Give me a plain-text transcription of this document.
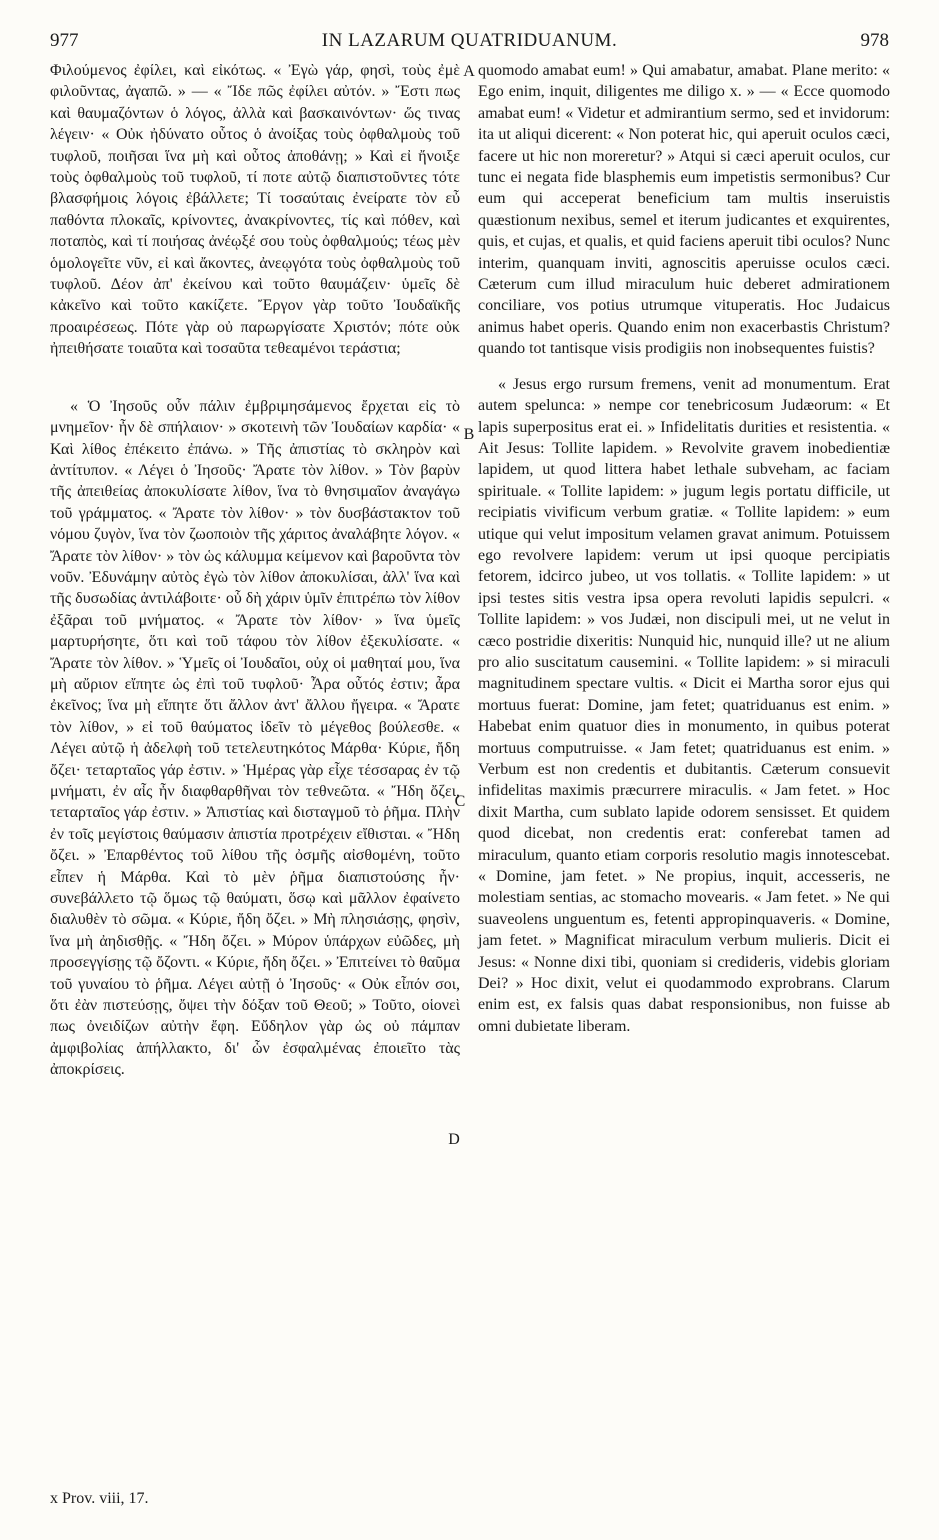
977	IN LAZARUM QUATRIDUANUM.	978

Φιλούμενος ἐφίλει, καὶ εἰκότως. « Ἐγὼ γάρ, φησὶ, τοὺς ἐμὲ φιλοῦντας, ἀγαπῶ. » — « Ἴδε πῶς ἐφίλει αὐτόν. » Ἔστι πως καὶ θαυμαζόντων ὁ λόγος, ἀλλὰ καὶ βασκαινόντων· ὥς τινας λέγειν· « Οὐκ ἠδύνατο οὗτος ὁ ἀνοίξας τοὺς ὀφθαλμοὺς τοῦ τυφλοῦ, ποιῆσαι ἵνα μὴ καὶ οὗτος ἀποθάνῃ; » Καὶ εἰ ἤνοιξε τοὺς ὀφθαλμοὺς τοῦ τυφλοῦ, τί ποτε αὐτῷ διαπιστοῦντες τότε βλασφήμοις λόγοις ἐβάλλετε; Τί τοσαύταις ἐνείρατε τὸν εὖ παθόντα πλοκαῖς, κρίνοντες, ἀνακρίνοντες, τίς καὶ πόθεν, καὶ ποταπὸς, καὶ τί ποιήσας ἀνέῳξέ σου τοὺς ὀφθαλμούς; τέως μὲν ὁμολογεῖτε νῦν, εἰ καὶ ἄκοντες, ἀνεῳγότα τοὺς ὀφθαλμοὺς τοῦ τυφλοῦ. Δέον ἀπ' ἐκείνου καὶ τοῦτο θαυμάζειν· ὑμεῖς δὲ κἀκεῖνο καὶ τοῦτο κακίζετε. Ἔργον γὰρ τοῦτο Ἰουδαϊκῆς προαιρέσεως. Πότε γὰρ οὐ παρωργίσατε Χριστόν; πότε οὐκ ἠπειθήσατε τοιαῦτα καὶ τοσαῦτα τεθεαμένοι τεράστια;

« Ὁ Ἰησοῦς οὖν πάλιν ἐμβριμησάμενος ἔρχεται εἰς τὸ μνημεῖον· ἦν δὲ σπήλαιον· » σκοτεινὴ τῶν Ἰουδαίων καρδία· « Καὶ λίθος ἐπέκειτο ἐπάνω. » Τῆς ἀπιστίας τὸ σκληρὸν καὶ ἀντίτυπον. « Λέγει ὁ Ἰησοῦς· Ἄρατε τὸν λίθον. » Τὸν βαρὺν τῆς ἀπειθείας ἀποκυλίσατε λίθον, ἵνα τὸ θνησιμαῖον ἀναγάγω τοῦ γράμματος. « Ἄρατε τὸν λίθον· » τὸν δυσβάστακτον τοῦ νόμου ζυγὸν, ἵνα τὸν ζωοποιὸν τῆς χάριτος ἀναλάβητε λόγον. « Ἄρατε τὸν λίθον· » τὸν ὡς κάλυμμα κείμενον καὶ βαροῦντα τὸν νοῦν. Ἐδυνάμην αὐτὸς ἐγὼ τὸν λίθον ἀποκυλίσαι, ἀλλ' ἵνα καὶ τῆς δυσωδίας ἀντιλάβοιτε· οὗ δὴ χάριν ὑμῖν ἐπιτρέπω τὸν λίθον ἐξᾶραι τοῦ μνήματος. « Ἄρατε τὸν λίθον· » ἵνα ὑμεῖς μαρτυρήσητε, ὅτι καὶ τοῦ τάφου τὸν λίθον ἐξεκυλίσατε. « Ἄρατε τὸν λίθον. » Ὑμεῖς οἱ Ἰουδαῖοι, οὐχ οἱ μαθηταί μου, ἵνα μὴ αὔριον εἴπητε ὡς ἐπὶ τοῦ τυφλοῦ· Ἆρα οὗτός ἐστιν; ἆρα ἐκεῖνος; ἵνα μὴ εἴπητε ὅτι ἄλλον ἀντ' ἄλλου ἤγειρα. « Ἄρατε τὸν λίθον, » εἰ τοῦ θαύματος ἰδεῖν τὸ μέγεθος βούλεσθε. « Λέγει αὐτῷ ἡ ἀδελφὴ τοῦ τετελευτηκότος Μάρθα· Κύριε, ἤδη ὄζει· τεταρταῖος γάρ ἐστιν. » Ἡμέρας γὰρ εἶχε τέσσαρας ἐν τῷ μνήματι, ἐν αἷς ἦν διαφθαρθῆναι τὸν τεθνεῶτα. « Ἤδη ὄζει, τεταρταῖος γάρ ἐστιν. » Ἀπιστίας καὶ δισταγμοῦ τὸ ῥῆμα. Πλὴν ἐν τοῖς μεγίστοις θαύμασιν ἀπιστία προτρέχειν εἴθισται. « Ἤδη ὄζει. » Ἐπαρθέντος τοῦ λίθου τῆς ὀσμῆς αἰσθομένη, τοῦτο εἶπεν ἡ Μάρθα. Καὶ τὸ μὲν ῥῆμα διαπιστούσης ἦν· συνεβάλλετο τῷ ὅμως τῷ θαύματι, ὅσῳ καὶ μᾶλλον ἐφαίνετο διαλυθὲν τὸ σῶμα. « Κύριε, ἤδη ὄζει. » Μὴ πλησιάσῃς, φησὶν, ἵνα μὴ ἀηδισθῇς. « Ἤδη ὄζει. » Μύρον ὑπάρχων εὐῶδες, μὴ προσεγγίσῃς τῷ ὄζοντι. « Κύριε, ἤδη ὄζει. » Ἐπιτείνει τὸ θαῦμα τοῦ γυναίου τὸ ῥῆμα. Λέγει αὐτῇ ὁ Ἰησοῦς· « Οὐκ εἶπόν σοι, ὅτι ἐὰν πιστεύσῃς, ὄψει τὴν δόξαν τοῦ Θεοῦ; » Τοῦτο, οἱονεὶ πως ὀνειδίζων αὐτὴν ἔφη. Εὔδηλον γὰρ ὡς οὐ πάμπαν ἀμφιβολίας ἀπήλλακτο, δι' ὧν ἐσφαλμένας ἐποιεῖτο τὰς ἀποκρίσεις.

quomodo amabat eum! » Qui amabatur, amabat. Plane merito: « Ego enim, inquit, diligentes me diligo x. » — « Ecce quomodo amabat eum! « Videtur et admirantium sermo, sed et invidorum: ita ut aliqui dicerent: « Non poterat hic, qui aperuit oculos cæci, facere ut hic non moreretur? » Atqui si cæci aperuit oculos, cur tunc ei negata fide blasphemis eum impetistis sermonibus? Cur eum qui acceperat beneficium tam multis inseruistis quæstionum nexibus, semel et iterum judicantes et exquirentes, quis, et cujas, et qualis, et quid faciens aperuit tibi oculos? Nunc interim, quanquam inviti, agnoscitis aperuisse oculos cæci. Cæterum cum illud miraculum huic deberet admirationem conciliare, vos potius utrumque vituperatis. Hoc Judaicus animus habet operis. Quando enim non exacerbastis Christum? quando tot tantisque visis prodigiis non inobsequentes fuistis?

« Jesus ergo rursum fremens, venit ad monumentum. Erat autem spelunca: » nempe cor tenebricosum Judæorum: « Et lapis superpositus erat ei. » Infidelitatis duritiеs et resistentia. « Ait Jesus: Tollite lapidem. » Revolvite gravem inobedientiæ lapidem, ut quod littera habet lethale subveham, ac faciam spirituale. « Tollite lapidem: » jugum legis portatu difficile, ut recipiatis vivificum verbum gratiæ. « Tollite lapidem: » eum utique qui velut impositum velamen gravat animum. Potuissem ego revolvere lapidem: verum ut ipsi quoque percipiatis fetorem, idcirco jubeo, ut vos tollatis. « Tollite lapidem: » ut ipsi testes sitis vestra ipsa opera revoluti lapidis sepulcri. « Tollite lapidem: » vos Judæi, non discipuli mei, ut ne velut in cæco postridie dixeritis: Nunquid hic, nunquid ille? ut ne alium pro alio suscitatum causemini. « Tollite lapidem: » si miraculi magnitudinem spectare vultis. « Dicit ei Martha soror ejus qui mortuus fuerat: Domine, jam fetet; quatriduanus est enim. » Habebat enim quatuor dies in monumento, in quibus poterat mortuus computruisse. « Jam fetet; quatriduanus est enim. » Verbum est non credentis et dubitantis. Cæterum consuevit infidelitas maximis præcurrere miraculis. « Jam fetet. » Hoc dixit Martha, cum sublato lapide odorem sensisset. Et quidem quod dicebat, non credentis erat: conferebat tamen ad miraculum, quanto etiam corporis resolutio magis innotescebat. « Domine, jam fetet. » Ne propius, inquit, accesseris, ne molestiam sentias, ac stomacho movearis. « Jam fetet. » Ne qui suaveolens unguentum es, fetenti appropinquaveris. « Domine, jam fetet. » Magnificat miraculum verbum mulieris. Dicit ei Jesus: « Nonne dixi tibi, quoniam si credideris, videbis gloriam Dei? » Hoc dixit, velut ei quodammodo exprobrans. Clarum enim est, ex falsis quas dabat responsionibus, non fuisse ab omni dubietate liberam.

A
B
C
D
x Prov. viii, 17.
